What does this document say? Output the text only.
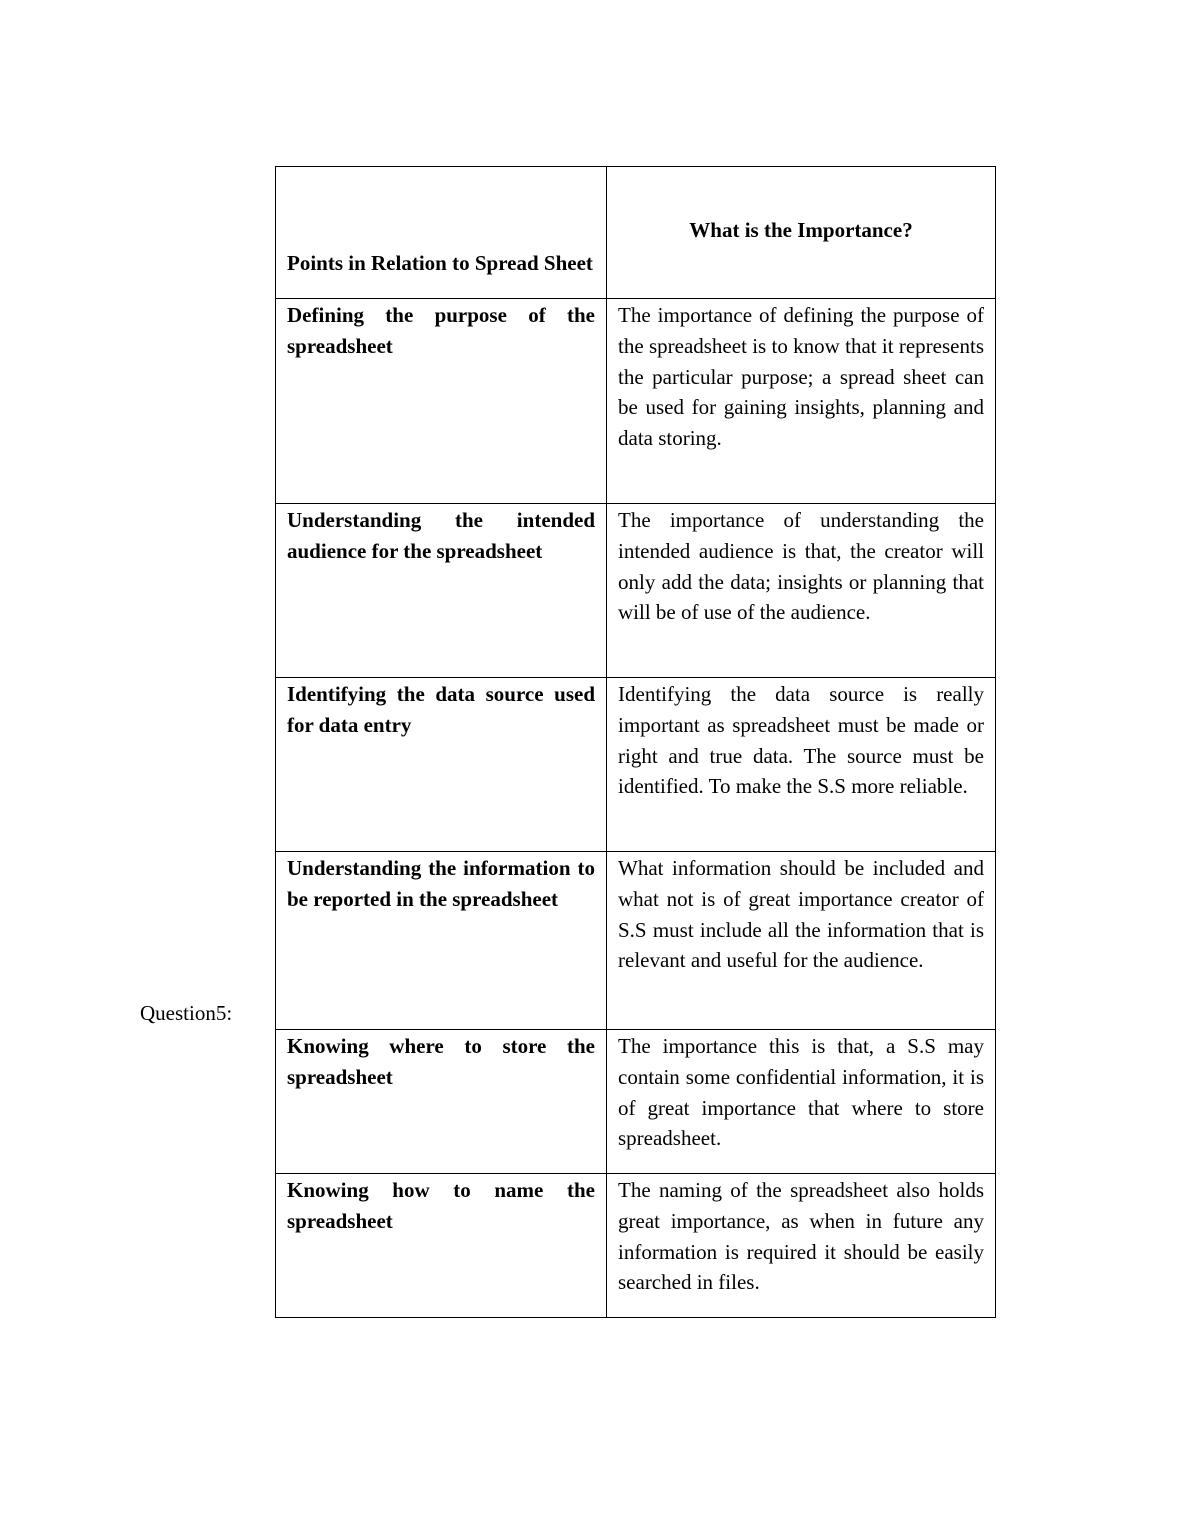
Question5:
Points in Relation to Spread Sheet	What is the Importance?
Defining the purpose of the spreadsheet	The importance of defining the purpose of the spreadsheet is to know that it represents the particular purpose; a spread sheet can be used for gaining insights, planning and data storing.
Understanding the intended audience for the spreadsheet	The importance of understanding the intended audience is that, the creator will only add the data; insights or planning that will be of use of the audience.
Identifying the data source used for data entry	Identifying the data source is really important as spreadsheet must be made or right and true data. The source must be identified. To make the S.S more reliable.
Understanding the information to be reported in the spreadsheet	What information should be included and what not is of great importance creator of S.S must include all the information that is relevant and useful for the audience.
Knowing where to store the spreadsheet	The importance this is that, a S.S may contain some confidential information, it is of great importance that where to store spreadsheet.
Knowing how to name the spreadsheet	The naming of the spreadsheet also holds great importance, as when in future any information is required it should be easily searched in files.
